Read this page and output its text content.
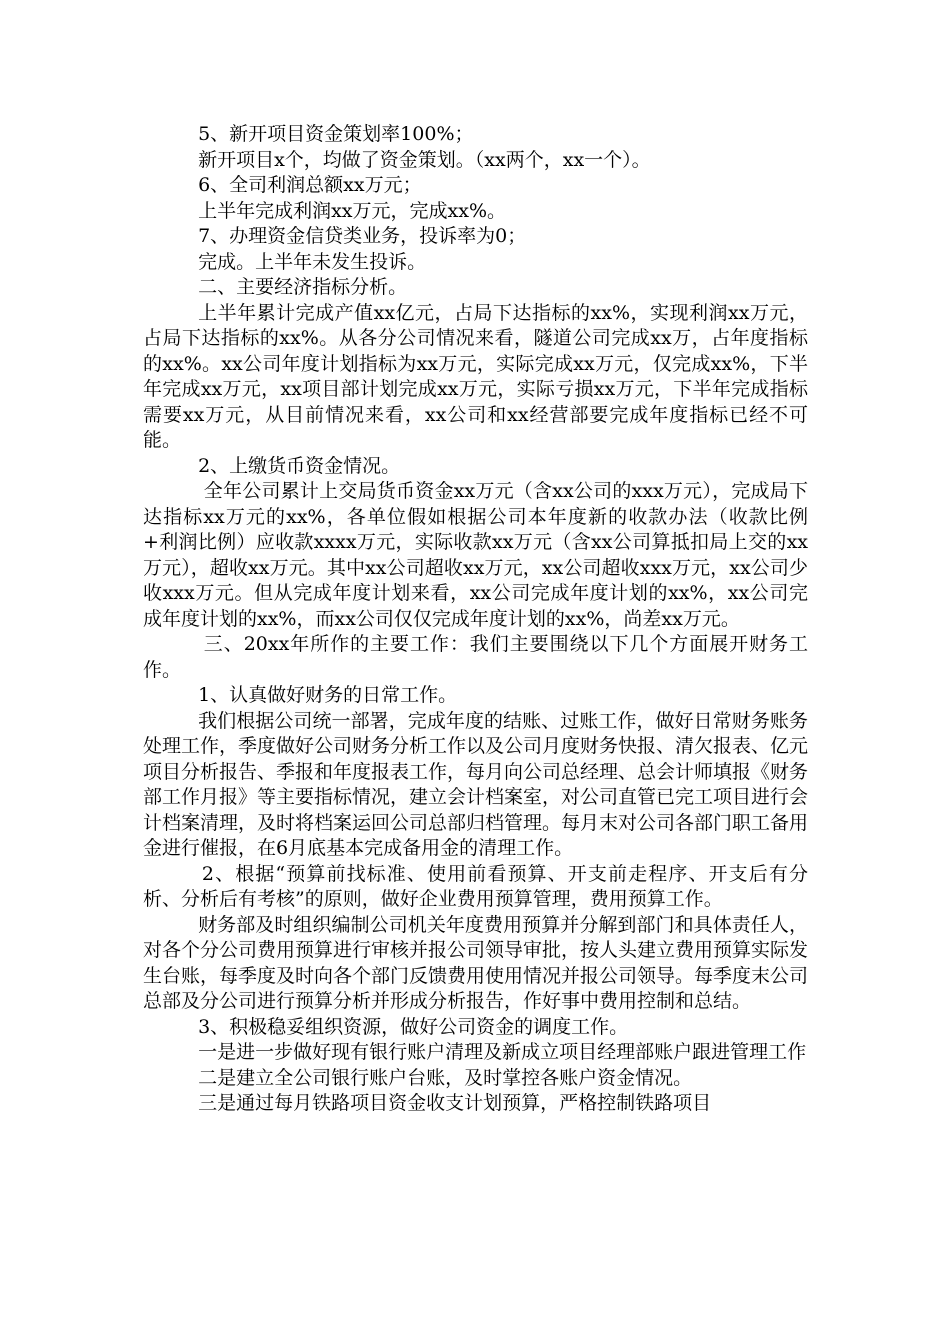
5、新开项目资金策划率100%；

新开项目x个，均做了资金策划。（xx两个，xx一个）。

6、全司利润总额xx万元；

上半年完成利润xx万元，完成xx%。

7、办理资金信贷类业务，投诉率为0；

完成。上半年未发生投诉。

二、主要经济指标分析。

上半年累计完成产值xx亿元，占局下达指标的xx%，实现利润xx万元，占局下达指标的xx%。从各分公司情况来看，隧道公司完成xx万，占年度指标的xx%。xx公司年度计划指标为xx万元，实际完成xx万元，仅完成xx%，下半年完成xx万元，xx项目部计划完成xx万元，实际亏损xx万元，下半年完成指标需要xx万元，从目前情况来看，xx公司和xx经营部要完成年度指标已经不可能。

2、上缴货币资金情况。

全年公司累计上交局货币资金xx万元（含xx公司的xxx万元），完成局下达指标xx万元的xx%，各单位假如根据公司本年度新的收款办法（收款比例+利润比例）应收款xxxx万元，实际收款xx万元（含xx公司算抵扣局上交的xx万元），超收xx万元。其中xx公司超收xx万元，xx公司超收xxx万元，xx公司少收xxx万元。但从完成年度计划来看，xx公司完成年度计划的xx%，xx公司完成年度计划的xx%，而xx公司仅仅完成年度计划的xx%，尚差xx万元。

三、20xx年所作的主要工作：我们主要围绕以下几个方面展开财务工作。

1、认真做好财务的日常工作。

我们根据公司统一部署，完成年度的结账、过账工作，做好日常财务账务处理工作，季度做好公司财务分析工作以及公司月度财务快报、清欠报表、亿元项目分析报告、季报和年度报表工作，每月向公司总经理、总会计师填报《财务部工作月报》等主要指标情况，建立会计档案室，对公司直管已完工项目进行会计档案清理，及时将档案运回公司总部归档管理。每月末对公司各部门职工备用金进行催报，在6月底基本完成备用金的清理工作。

2、根据“预算前找标准、使用前看预算、开支前走程序、开支后有分析、分析后有考核”的原则，做好企业费用预算管理，费用预算工作。

财务部及时组织编制公司机关年度费用预算并分解到部门和具体责任人，对各个分公司费用预算进行审核并报公司领导审批，按人头建立费用预算实际发生台账，每季度及时向各个部门反馈费用使用情况并报公司领导。每季度末公司总部及分公司进行预算分析并形成分析报告，作好事中费用控制和总结。

3、积极稳妥组织资源，做好公司资金的调度工作。

一是进一步做好现有银行账户清理及新成立项目经理部账户跟进管理工作

二是建立全公司银行账户台账，及时掌控各账户资金情况。

三是通过每月铁路项目资金收支计划预算，严格控制铁路项目
